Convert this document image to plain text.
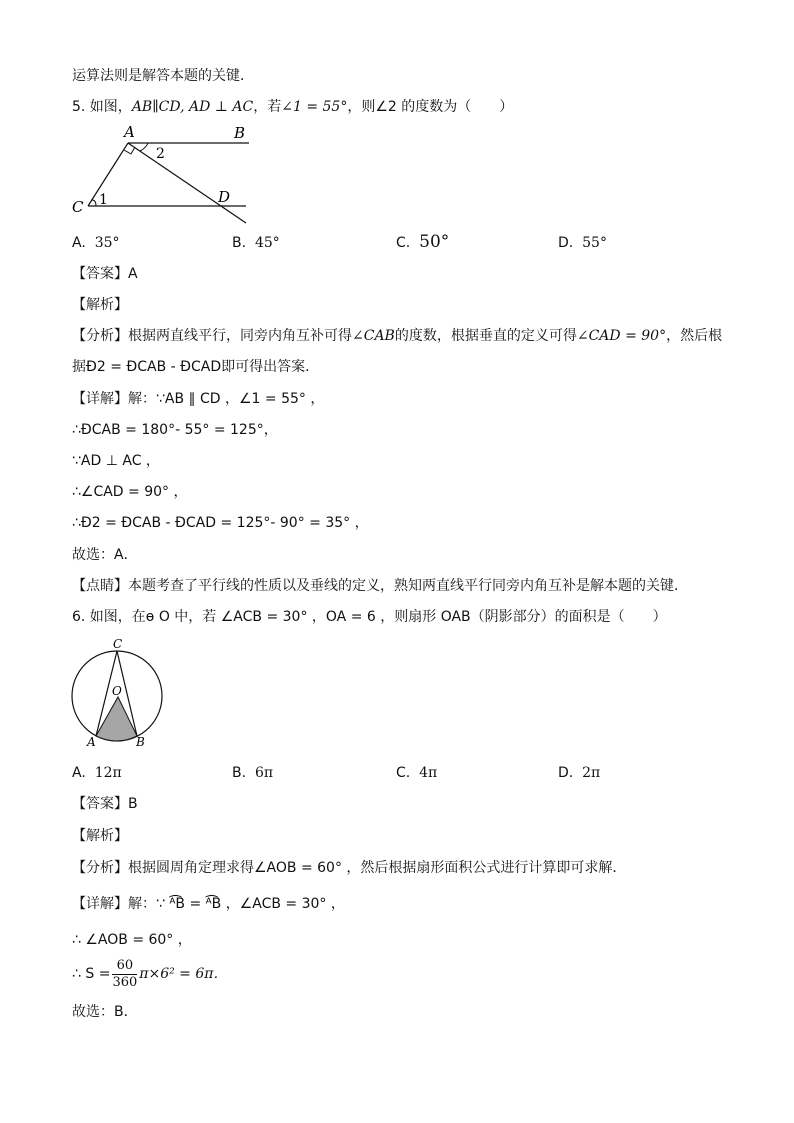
运算法则是解答本题的关键．
5. 如图，AB∥CD, AD ⊥ AC，若∠1 = 55°，则∠2 的度数为（　　）
A	B
C
D
1
2
A. 35°	B. 45°	C. 50°	D. 55°
【答案】A
【解析】
【分析】根据两直线平行，同旁内角互补可得∠CAB的度数，根据垂直的定义可得∠CAD = 90°，然后根
据Ð2 = ÐCAB - ÐCAD即可得出答案．
【详解】解：∵AB ∥ CD ，∠1 = 55° ，
∴ÐCAB = 180°- 55° = 125°，
∵AD ⊥ AC ，
∴∠CAD = 90° ，
∴Ð2 = ÐCAB - ÐCAD = 125°- 90° = 35° ，
故选：A．
【点睛】本题考查了平行线的性质以及垂线的定义，熟知两直线平行同旁内角互补是解本题的关键．
6. 如图，在ɵ O 中，若 ∠ACB = 30° ，OA = 6 ，则扇形 OAB（阴影部分）的面积是（　　）
C
O
A	B
A. 12π	B. 6π	C. 4π	D. 2π
【答案】B
【解析】
【分析】根据圆周角定理求得∠AOB = 60° ，然后根据扇形面积公式进行计算即可求解．
【详解】解：∵ ᴬ͡B = ᴬ͡B ，∠ACB = 30° ，
∴ ∠AOB = 60° ，
∴ $S = \frac{60}{360} \pi\times 6^2 = 6\pi$．
故选：B．
